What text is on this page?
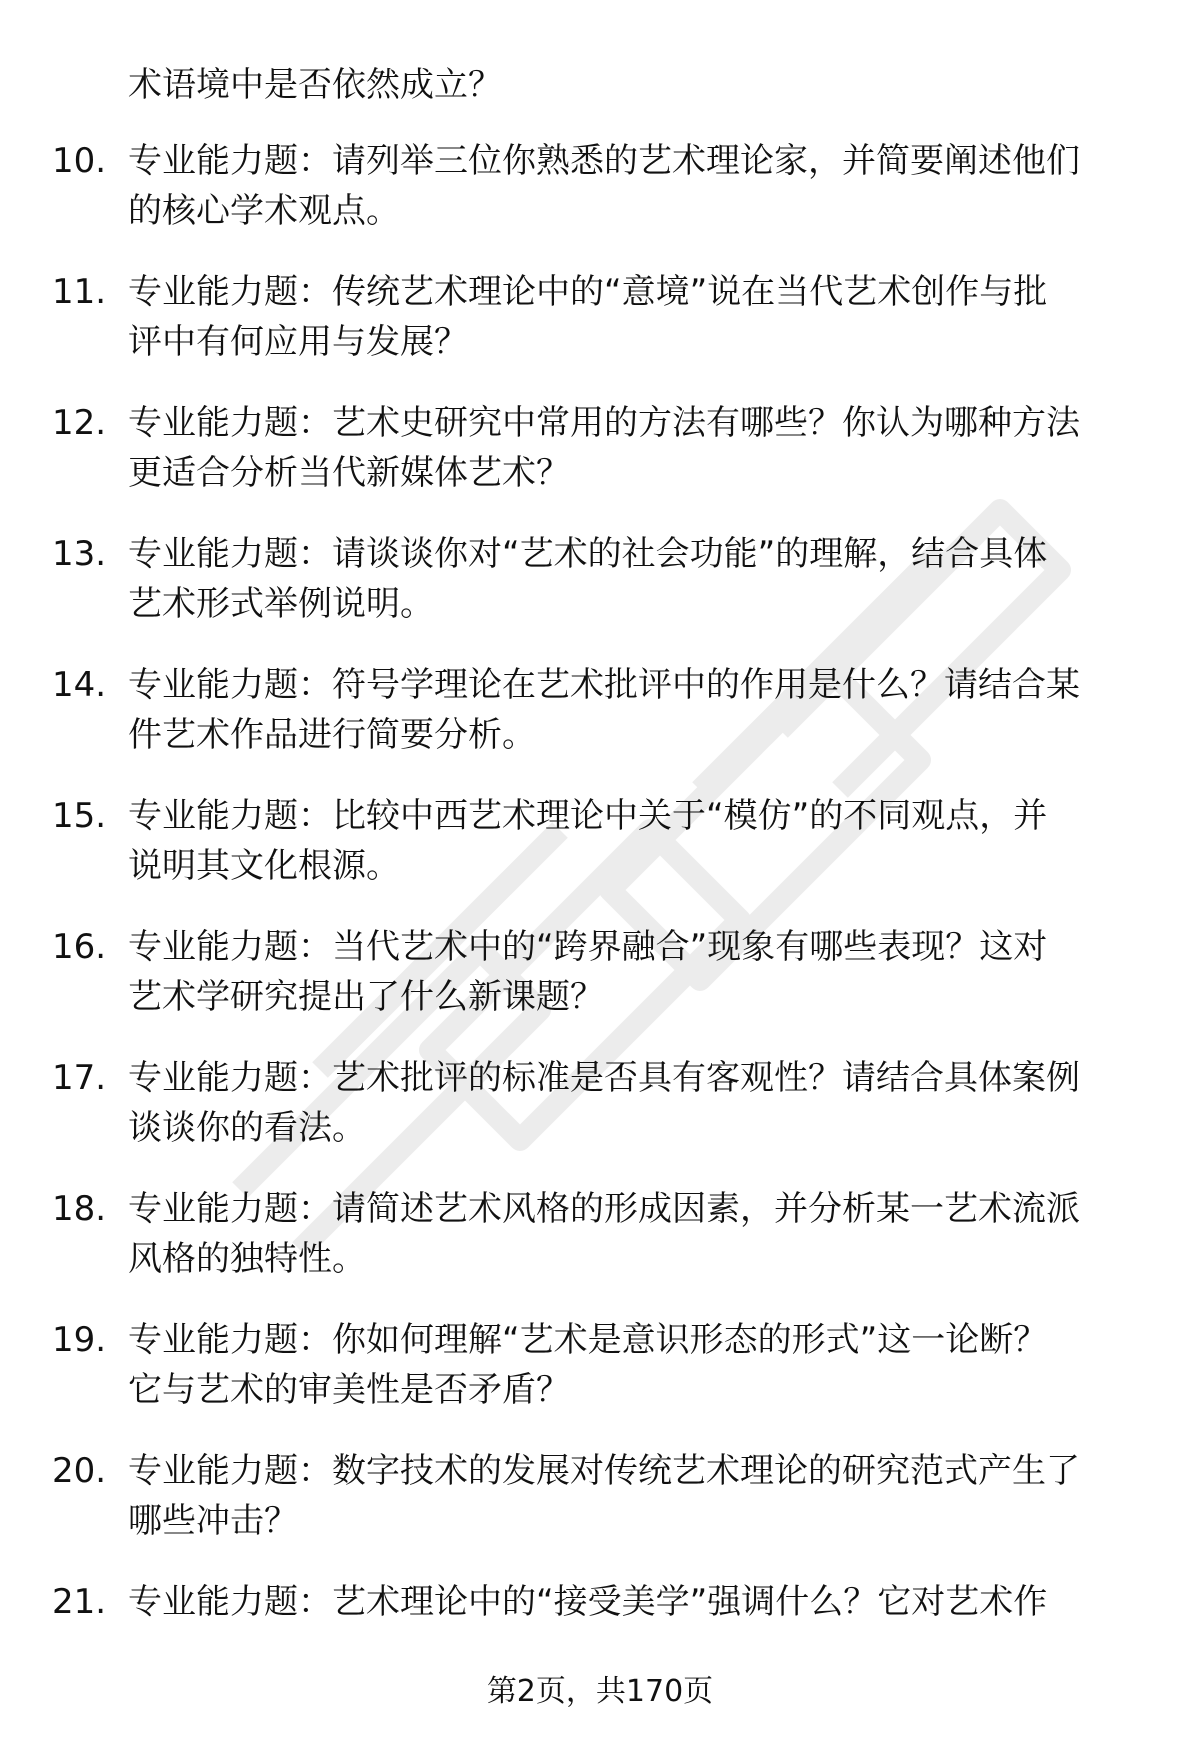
术语境中是否依然成立？
10. 专业能力题：请列举三位你熟悉的艺术理论家，并简要阐述他们
的核心学术观点。
11. 专业能力题：传统艺术理论中的“意境”说在当代艺术创作与批
评中有何应用与发展？
12. 专业能力题：艺术史研究中常用的方法有哪些？你认为哪种方法
更适合分析当代新媒体艺术？
13. 专业能力题：请谈谈你对“艺术的社会功能”的理解，结合具体
艺术形式举例说明。
14. 专业能力题：符号学理论在艺术批评中的作用是什么？请结合某
件艺术作品进行简要分析。
15. 专业能力题：比较中西艺术理论中关于“模仿”的不同观点，并
说明其文化根源。
16. 专业能力题：当代艺术中的“跨界融合”现象有哪些表现？这对
艺术学研究提出了什么新课题？
17. 专业能力题：艺术批评的标准是否具有客观性？请结合具体案例
谈谈你的看法。
18. 专业能力题：请简述艺术风格的形成因素，并分析某一艺术流派
风格的独特性。
19. 专业能力题：你如何理解“艺术是意识形态的形式”这一论断？
它与艺术的审美性是否矛盾？
20. 专业能力题：数字技术的发展对传统艺术理论的研究范式产生了
哪些冲击？
21. 专业能力题：艺术理论中的“接受美学”强调什么？它对艺术作
第2页，共170页
